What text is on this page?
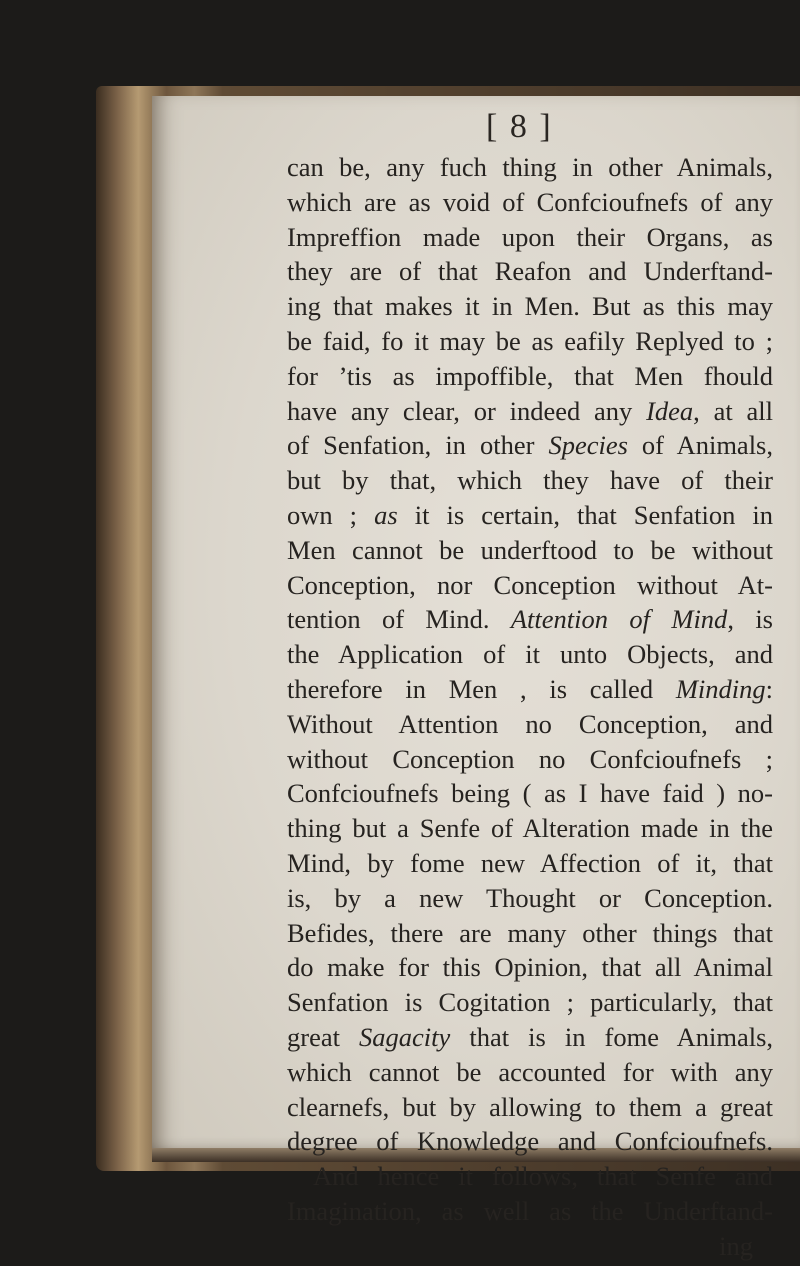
[ 8 ]
can be, any fuch thing in other Animals,
which are as void of Confcioufnefs of any
Impreffion made upon their Organs, as
they are of that Reafon and Underftand-
ing that makes it in Men. But as this may
be faid, fo it may be as eafily Replyed to ;
for ’tis as impoffible, that Men fhould
have any clear, or indeed any Idea, at all
of Senfation, in other Species of Animals,
but by that, which they have of their
own ; as it is certain, that Senfation in
Men cannot be underftood to be without
Conception, nor Conception without At-
tention of Mind. Attention of Mind, is
the Application of it unto Objects, and
therefore in Men , is called Minding:
Without Attention no Conception, and
without Conception no Confcioufnefs ;
Confcioufnefs being ( as I have faid ) no-
thing but a Senfe of Alteration made in the
Mind, by fome new Affection of it, that
is, by a new Thought or Conception.
Befides, there are many other things that
do make for this Opinion, that all Animal
Senfation is Cogitation ; particularly, that
great Sagacity that is in fome Animals,
which cannot be accounted for with any
clearnefs, but by allowing to them a great
degree of Knowledge and Confcioufnefs.
And hence it follows, that Senfe and
Imagination, as well as the Underftand-
ing
